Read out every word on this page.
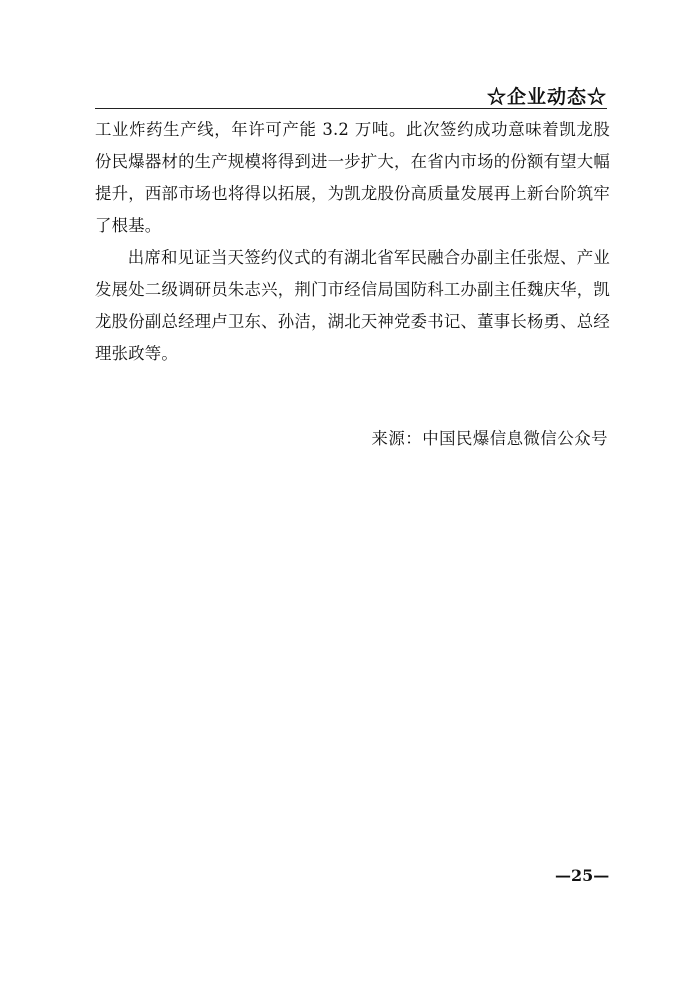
☆企业动态☆

工业炸药生产线，年许可产能 3.2 万吨。此次签约成功意味着凯龙股份民爆器材的生产规模将得到进一步扩大，在省内市场的份额有望大幅提升，西部市场也将得以拓展，为凯龙股份高质量发展再上新台阶筑牢了根基。

出席和见证当天签约仪式的有湖北省军民融合办副主任张煜、产业发展处二级调研员朱志兴，荆门市经信局国防科工办副主任魏庆华，凯龙股份副总经理卢卫东、孙洁，湖北天神党委书记、董事长杨勇、总经理张政等。

来源：中国民爆信息微信公众号
—25—
